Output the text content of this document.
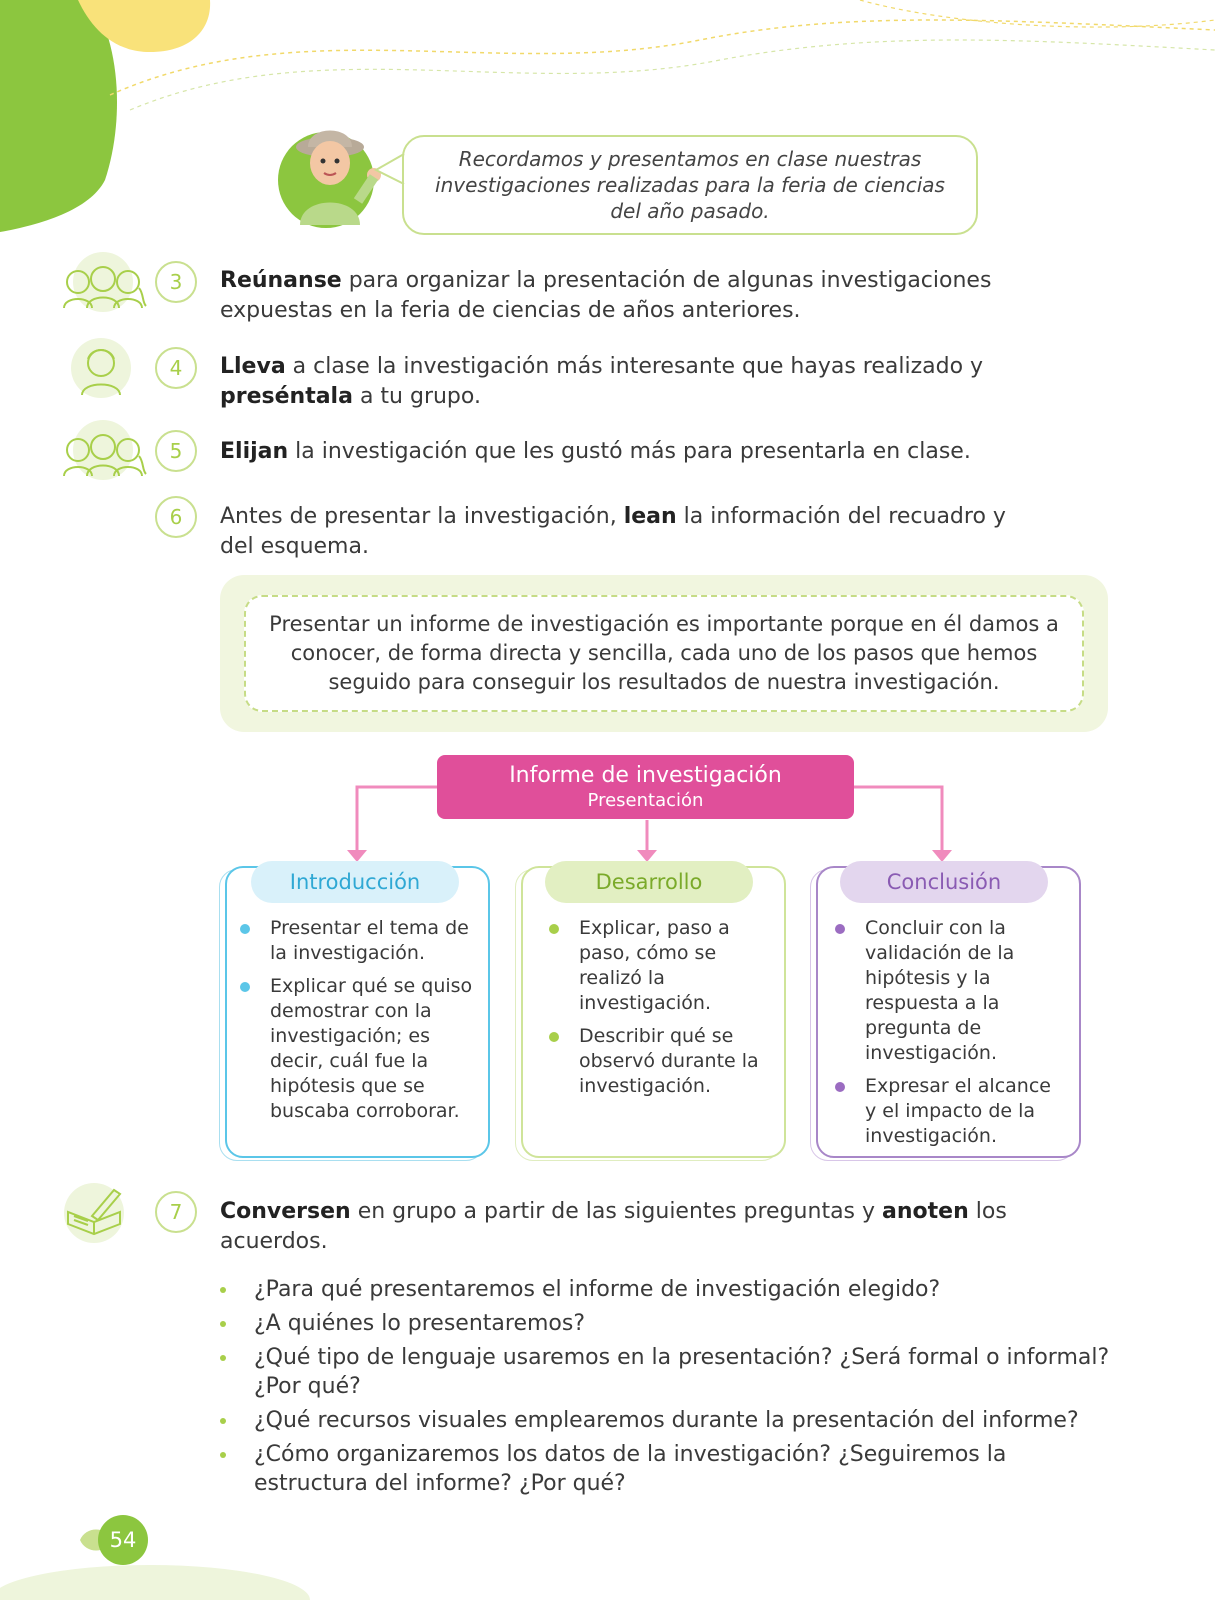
Recordamos y presentamos en clase nuestras investigaciones realizadas para la feria de ciencias del año pasado.
3
4
5
6
7
Reúnanse para organizar la presentación de algunas investigaciones expuestas en la feria de ciencias de años anteriores.
Lleva a clase la investigación más interesante que hayas realizado y preséntala a tu grupo.
Elijan la investigación que les gustó más para presentarla en clase.
Antes de presentar la investigación, lean la información del recuadro y del esquema.
Presentar un informe de investigación es importante porque en él damos a conocer, de forma directa y sencilla, cada uno de los pasos que hemos seguido para conseguir los resultados de nuestra investigación.
Informe de investigación
Presentación
Introducción	Desarrollo	Conclusión
Presentar el tema de la investigación.
Explicar qué se quiso demostrar con la investigación; es decir, cuál fue la hipótesis que se buscaba corroborar.
Explicar, paso a paso, cómo se realizó la investigación.
Describir qué se observó durante la investigación.
Concluir con la validación de la hipótesis y la respuesta a la pregunta de investigación.
Expresar el alcance y el impacto de la investigación.
Conversen en grupo a partir de las siguientes preguntas y anoten los acuerdos.
¿Para qué presentaremos el informe de investigación elegido?
¿A quiénes lo presentaremos?
¿Qué tipo de lenguaje usaremos en la presentación? ¿Será formal o informal? ¿Por qué?
¿Qué recursos visuales emplearemos durante la presentación del informe?
¿Cómo organizaremos los datos de la investigación? ¿Seguiremos la estructura del informe? ¿Por qué?
54
